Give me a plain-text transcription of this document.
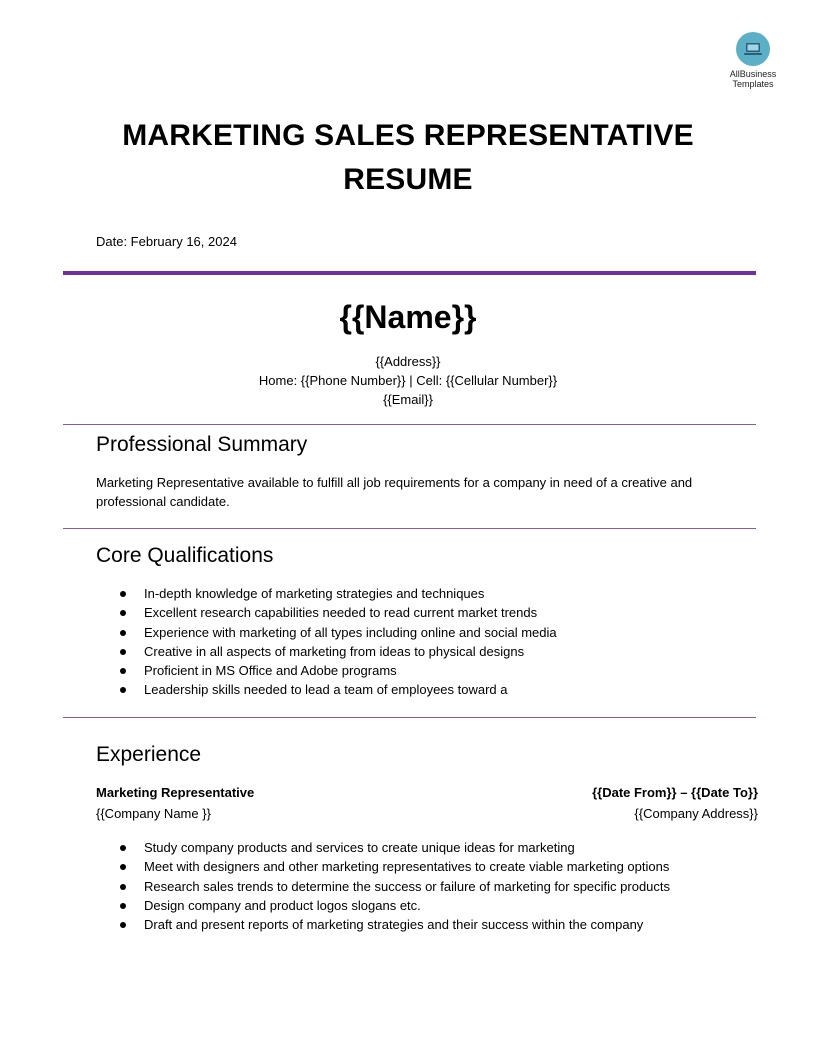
AllBusiness
Templates
MARKETING SALES REPRESENTATIVE
RESUME
Date: February 16, 2024
{{Name}}
{{Address}}
Home: {{Phone Number}} | Cell: {{Cellular Number}}
{{Email}}
Professional Summary
Marketing Representative available to fulfill all job requirements for a company in need of a creative and
professional candidate.
Core Qualifications
In-depth knowledge of marketing strategies and techniques
Excellent research capabilities needed to read current market trends
Experience with marketing of all types including online and social media
Creative in all aspects of marketing from ideas to physical designs
Proficient in MS Office and Adobe programs
Leadership skills needed to lead a team of employees toward a
Experience
Marketing Representative	{{Date From}} – {{Date To}}
{{Company Name }}	{{Company Address}}
Study company products and services to create unique ideas for marketing
Meet with designers and other marketing representatives to create viable marketing options
Research sales trends to determine the success or failure of marketing for specific products
Design company and product logos slogans etc.
Draft and present reports of marketing strategies and their success within the company
